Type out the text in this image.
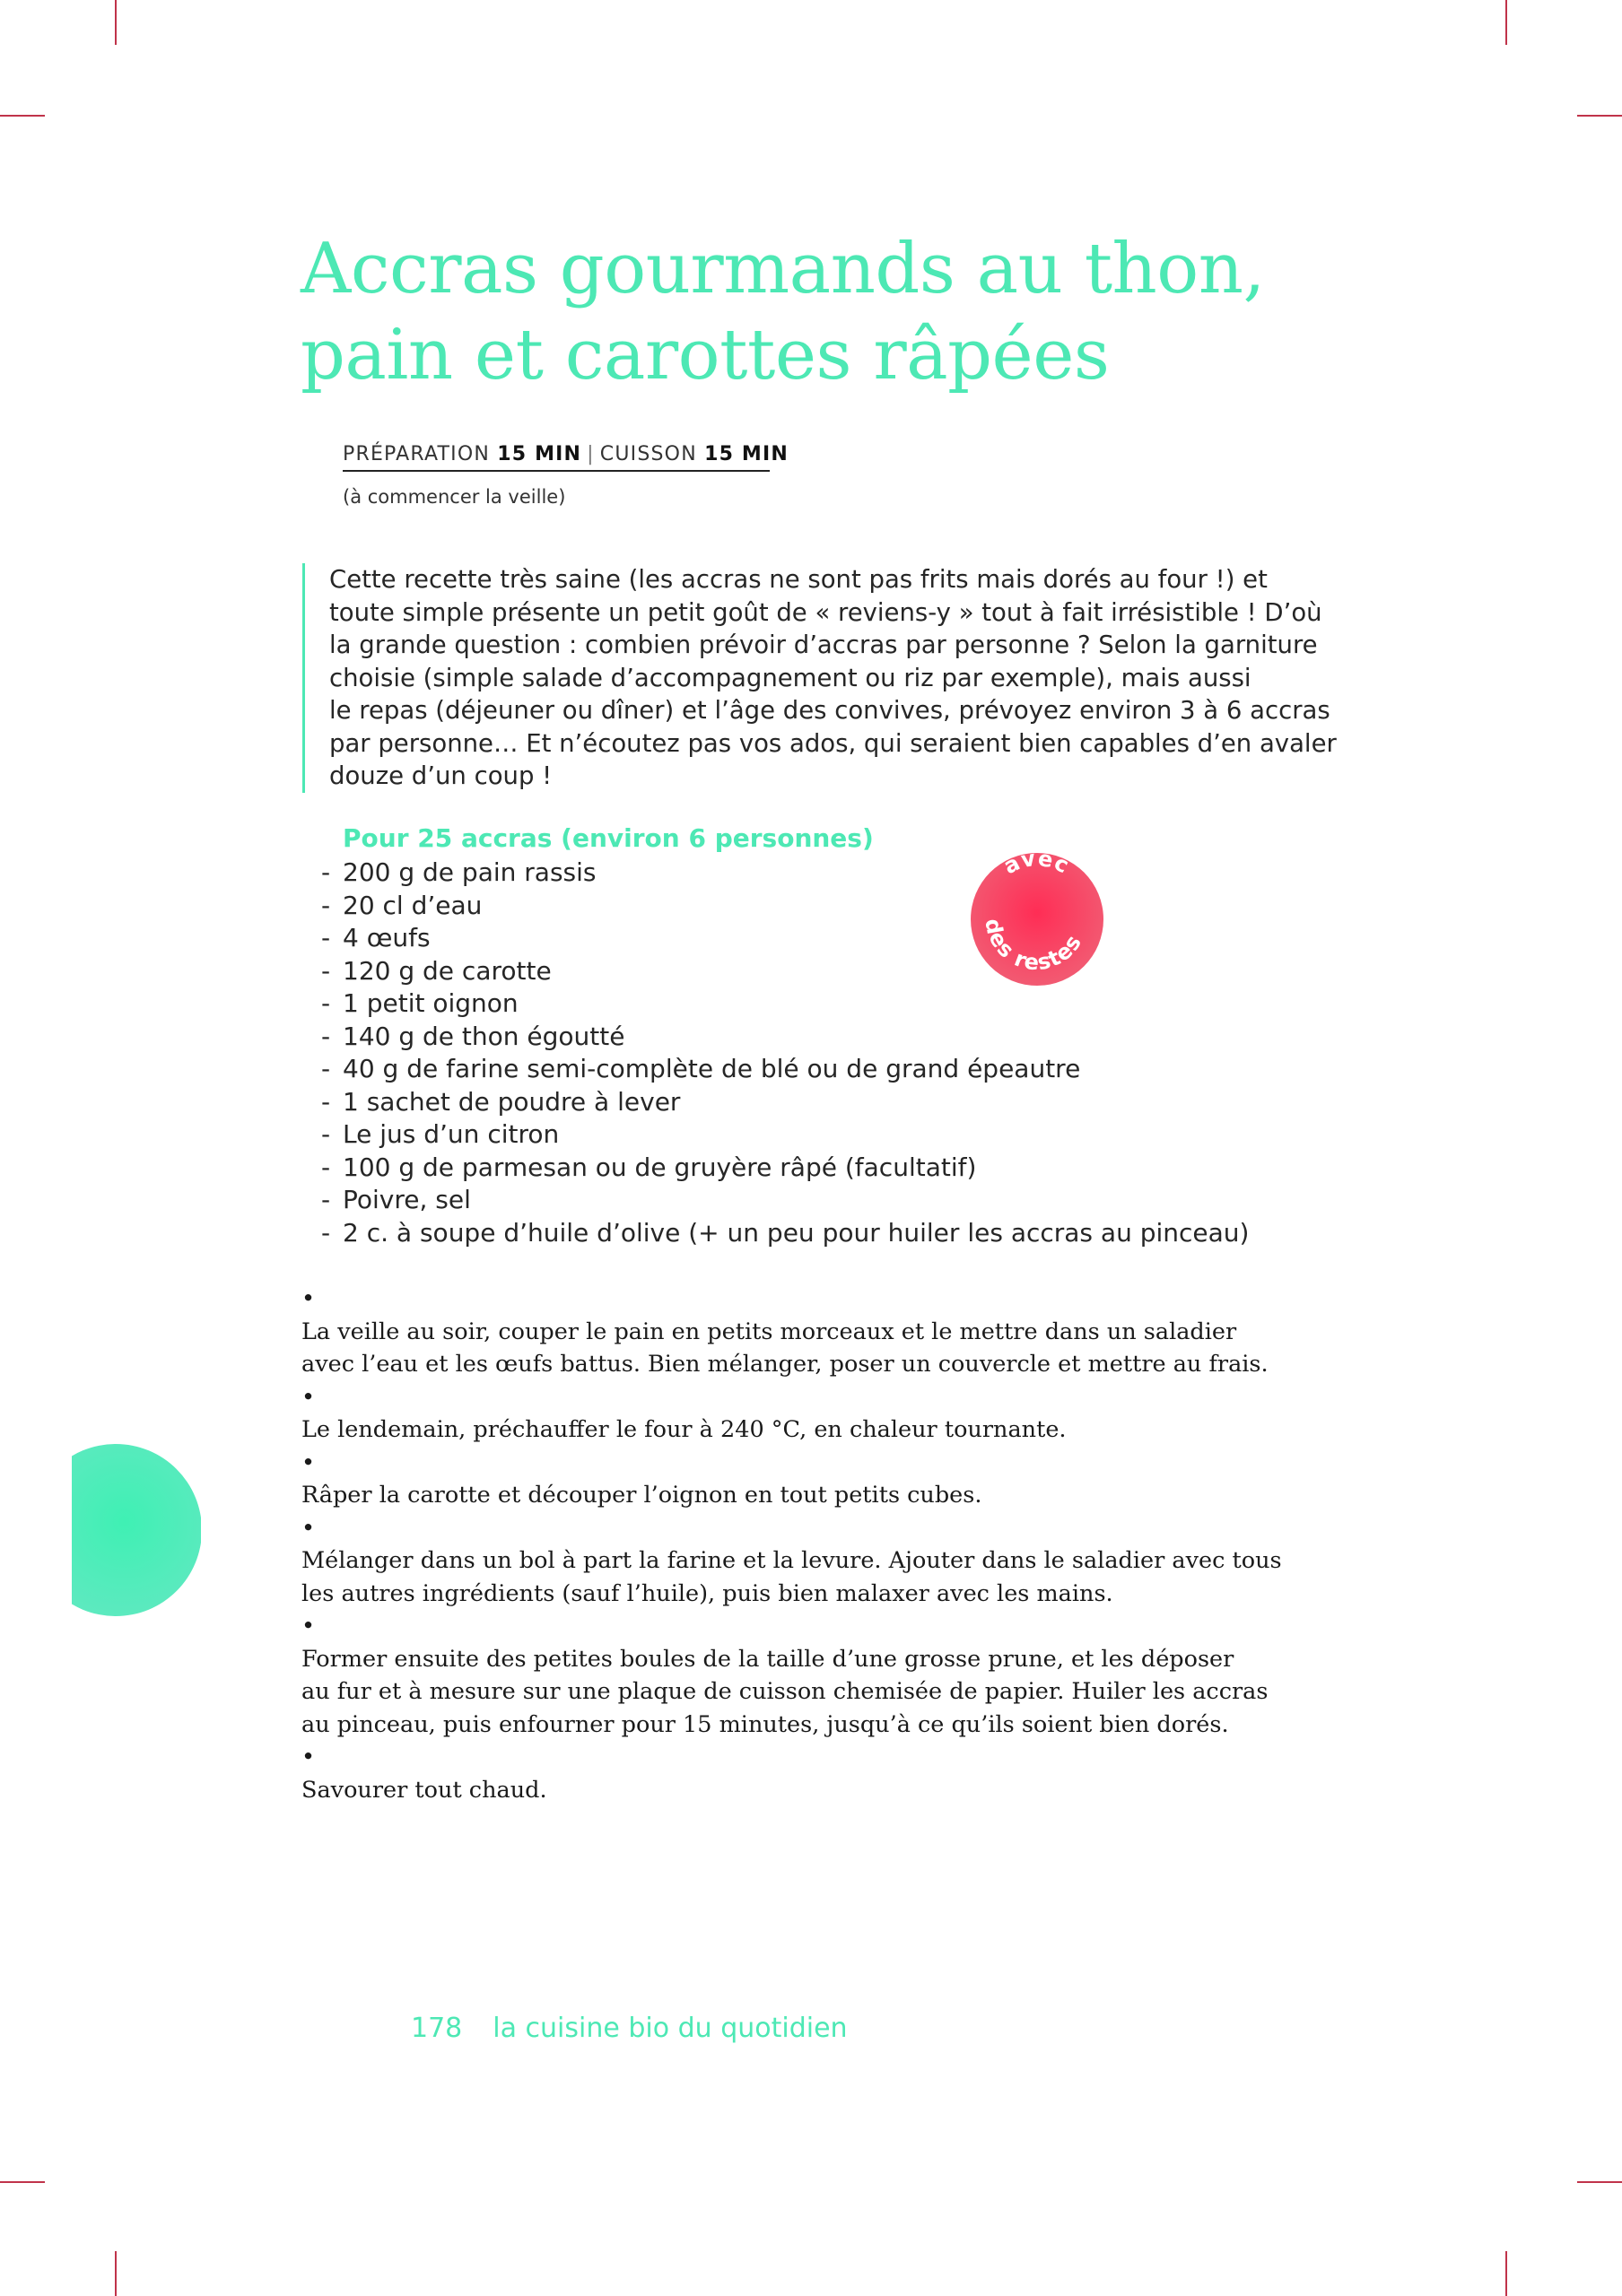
Accras gourmands au thon,
pain et carottes râpées
PRÉPARATION 15 MIN | CUISSON 15 MIN
(à commencer la veille)
Cette recette très saine (les accras ne sont pas frits mais dorés au four !) et
toute simple présente un petit goût de « reviens-y » tout à fait irrésistible ! D’où
la grande question : combien prévoir d’accras par personne ? Selon la garniture
choisie (simple salade d’accompagnement ou riz par exemple), mais aussi
le repas (déjeuner ou dîner) et l’âge des convives, prévoyez environ 3 à 6 accras
par personne… Et n’écoutez pas vos ados, qui seraient bien capables d’en avaler
douze d’un coup !
Pour 25 accras (environ 6 personnes)
- 200 g de pain rassis
- 20 cl d’eau
- 4 œufs
- 120 g de carotte
- 1 petit oignon
- 140 g de thon égoutté
- 40 g de farine semi-complète de blé ou de grand épeautre
- 1 sachet de poudre à lever
- Le jus d’un citron
- 100 g de parmesan ou de gruyère râpé (facultatif)
- Poivre, sel
- 2 c. à soupe d’huile d’olive (+ un peu pour huiler les accras au pinceau)
avec
des restes
•
La veille au soir, couper le pain en petits morceaux et le mettre dans un saladier
avec l’eau et les œufs battus. Bien mélanger, poser un couvercle et mettre au frais.
•
Le lendemain, préchauffer le four à 240 °C, en chaleur tournante.
•
Râper la carotte et découper l’oignon en tout petits cubes.
•
Mélanger dans un bol à part la farine et la levure. Ajouter dans le saladier avec tous
les autres ingrédients (sauf l’huile), puis bien malaxer avec les mains.
•
Former ensuite des petites boules de la taille d’une grosse prune, et les déposer
au fur et à mesure sur une plaque de cuisson chemisée de papier. Huiler les accras
au pinceau, puis enfourner pour 15 minutes, jusqu’à ce qu’ils soient bien dorés.
•
Savourer tout chaud.
178 la cuisine bio du quotidien
